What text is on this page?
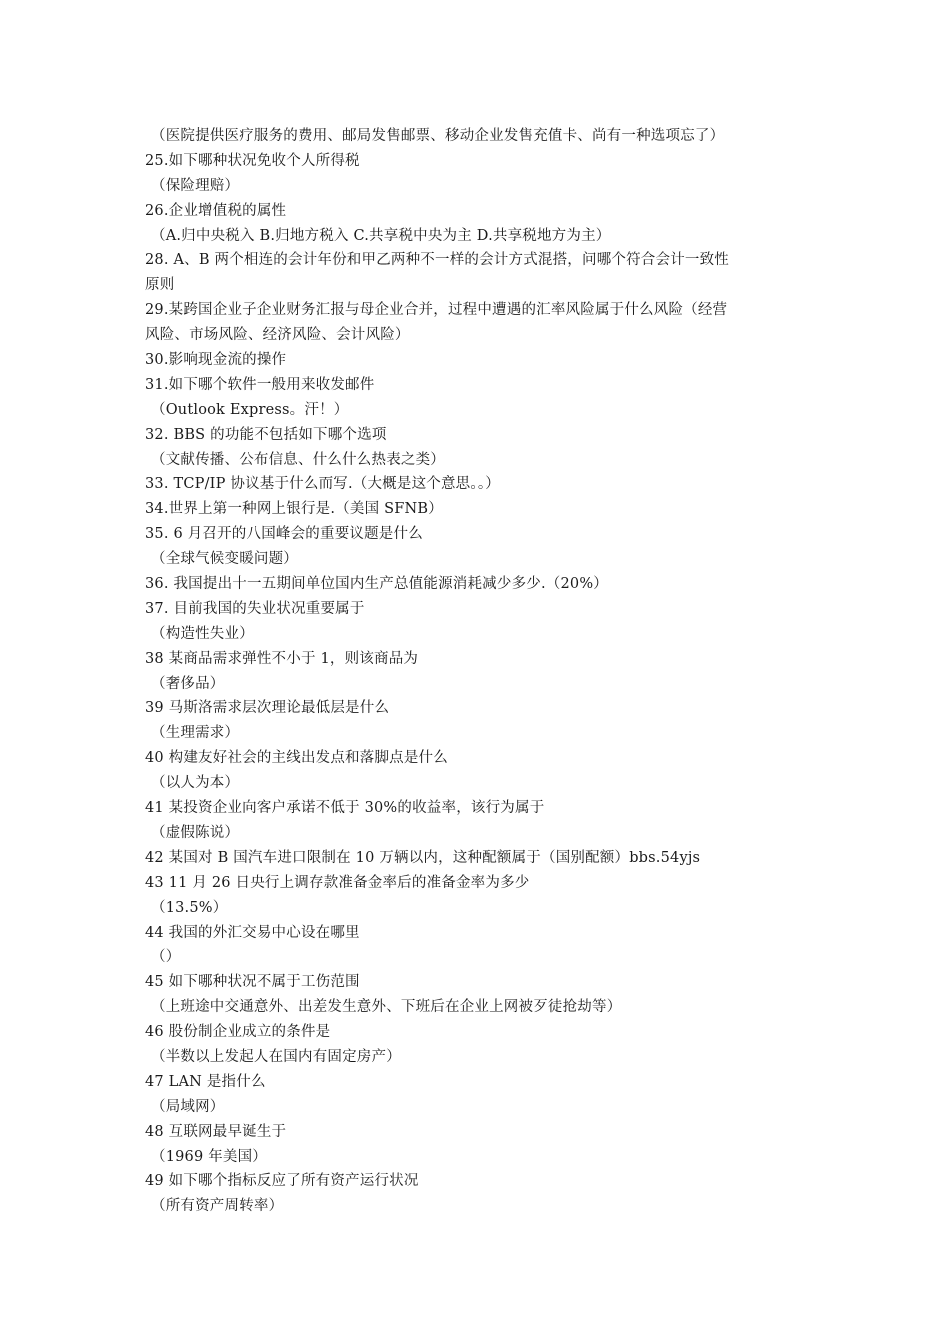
（医院提供医疗服务的费用、邮局发售邮票、移动企业发售充值卡、尚有一种选项忘了）
25.如下哪种状况免收个人所得税
（保险理赔）
26.企业增值税的属性
（A.归中央税入 B.归地方税入 C.共享税中央为主 D.共享税地方为主）
28. A、B 两个相连的会计年份和甲乙两种不一样的会计方式混搭，问哪个符合会计一致性
原则
29.某跨国企业子企业财务汇报与母企业合并，过程中遭遇的汇率风险属于什么风险（经营
风险、市场风险、经济风险、会计风险）
30.影响现金流的操作
31.如下哪个软件一般用来收发邮件
（Outlook Express。汗！）
32. BBS 的功能不包括如下哪个选项
（文献传播、公布信息、什么什么热表之类）
33. TCP/IP 协议基于什么而写.（大概是这个意思。。）
34.世界上第一种网上银行是.（美国 SFNB）
35. 6 月召开的八国峰会的重要议题是什么
（全球气候变暖问题）
36. 我国提出十一五期间单位国内生产总值能源消耗减少多少.（20%）
37. 目前我国的失业状况重要属于
（构造性失业）
38 某商品需求弹性不小于 1，则该商品为
（奢侈品）
39 马斯洛需求层次理论最低层是什么
（生理需求）
40 构建友好社会的主线出发点和落脚点是什么
（以人为本）
41 某投资企业向客户承诺不低于 30%的收益率，该行为属于
（虚假陈说）
42 某国对 B 国汽车进口限制在 10 万辆以内，这种配额属于（国别配额）bbs.54yjs
43 11 月 26 日央行上调存款准备金率后的准备金率为多少
（13.5%）
44 我国的外汇交易中心设在哪里
（）
45 如下哪种状况不属于工伤范围
（上班途中交通意外、出差发生意外、下班后在企业上网被歹徒抢劫等）
46 股份制企业成立的条件是
（半数以上发起人在国内有固定房产）
47 LAN 是指什么
（局域网）
48 互联网最早诞生于
（1969 年美国）
49 如下哪个指标反应了所有资产运行状况
（所有资产周转率）
